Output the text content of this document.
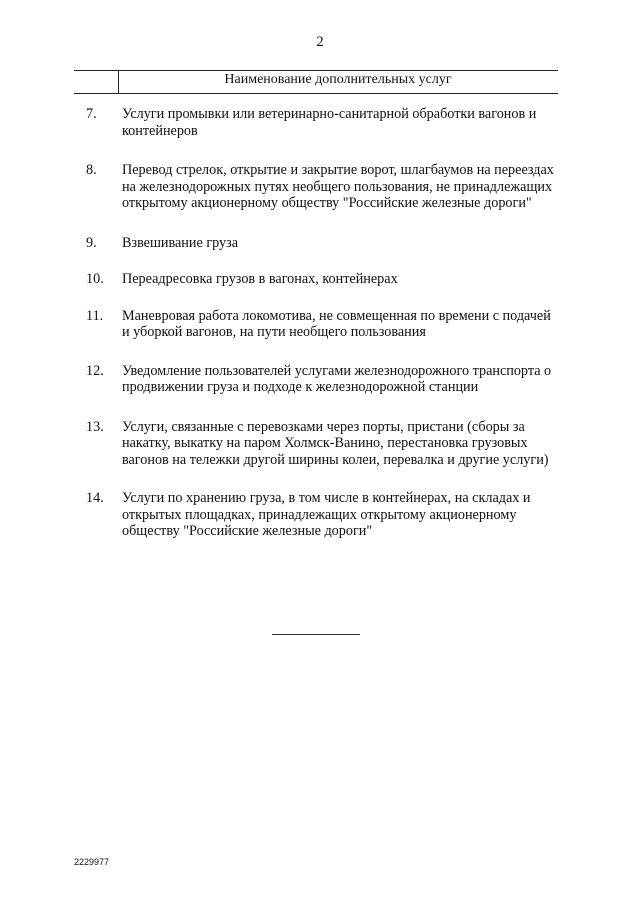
2
Наименование дополнительных услуг
7.	Услуги промывки или ветеринарно-санитарной обработки вагонов и контейнеров
8.	Перевод стрелок, открытие и закрытие ворот, шлагбаумов на переездах на железнодорожных путях необщего пользования, не принадлежащих открытому акционерному обществу "Российские железные дороги"
9.	Взвешивание груза
10.	Переадресовка грузов в вагонах, контейнерах
11.	Маневровая работа локомотива, не совмещенная по времени с подачей и уборкой вагонов, на пути необщего пользования
12.	Уведомление пользователей услугами железнодорожного транспорта о продвижении груза и подходе к железнодорожной станции
13.	Услуги, связанные с перевозками через порты, пристани (сборы за накатку, выкатку на паром Холмск-Ванино, перестановка грузовых вагонов на тележки другой ширины колеи, перевалка и другие услуги)
14.	Услуги по хранению груза, в том числе в контейнерах, на складах и открытых площадках, принадлежащих открытому акционерному обществу "Российские железные дороги"
2229977
